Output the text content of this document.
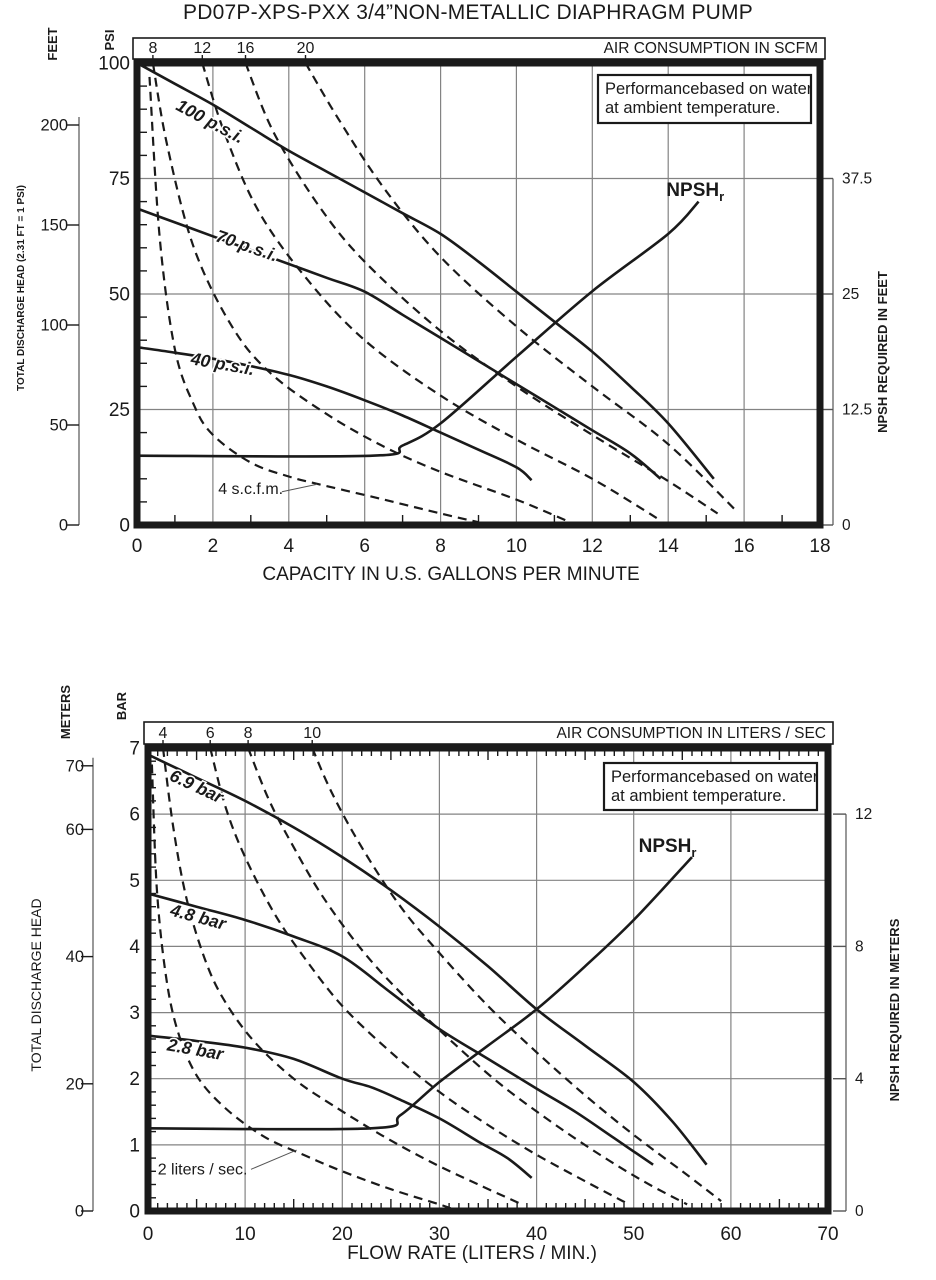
PD07P-XPS-PXX 3/4”NON-METALLIC DIAPHRAGM PUMP
8 12 16	20	AIR CONSUMPTION IN SCFM
200
150
100
50
0
FEET
TOTAL DISCHARGE HEAD (2.31 FT = 1 PSI)
100
75
50
25
0
PSI
37.5
25
12.5
0
NPSH REQUIRED IN FEET
0	2	4	6	8	10	12	14	16	18
CAPACITY IN U.S. GALLONS PER MINUTE
100 p.s.i.
70 p.s.i.
40 p.s.i.
$NPSH_r$
4 s.c.f.m.
Performancebased on water
at ambient temperature.
4 6 8	10	AIR CONSUMPTION IN LITERS / SEC
70
60
40
20
0
METERS
TOTAL DISCHARGE HEAD
7
6
5
4
3
2
1
0
BAR
12
8
4
0
NPSH REQUIRED IN METERS
0	10	20	30	40	50	60	70
FLOW RATE (LITERS / MIN.)
6.9 bar
4.8 bar
2.8 bar
$NPSH_r$
2 liters / sec.
Performancebased on water
at ambient temperature.
